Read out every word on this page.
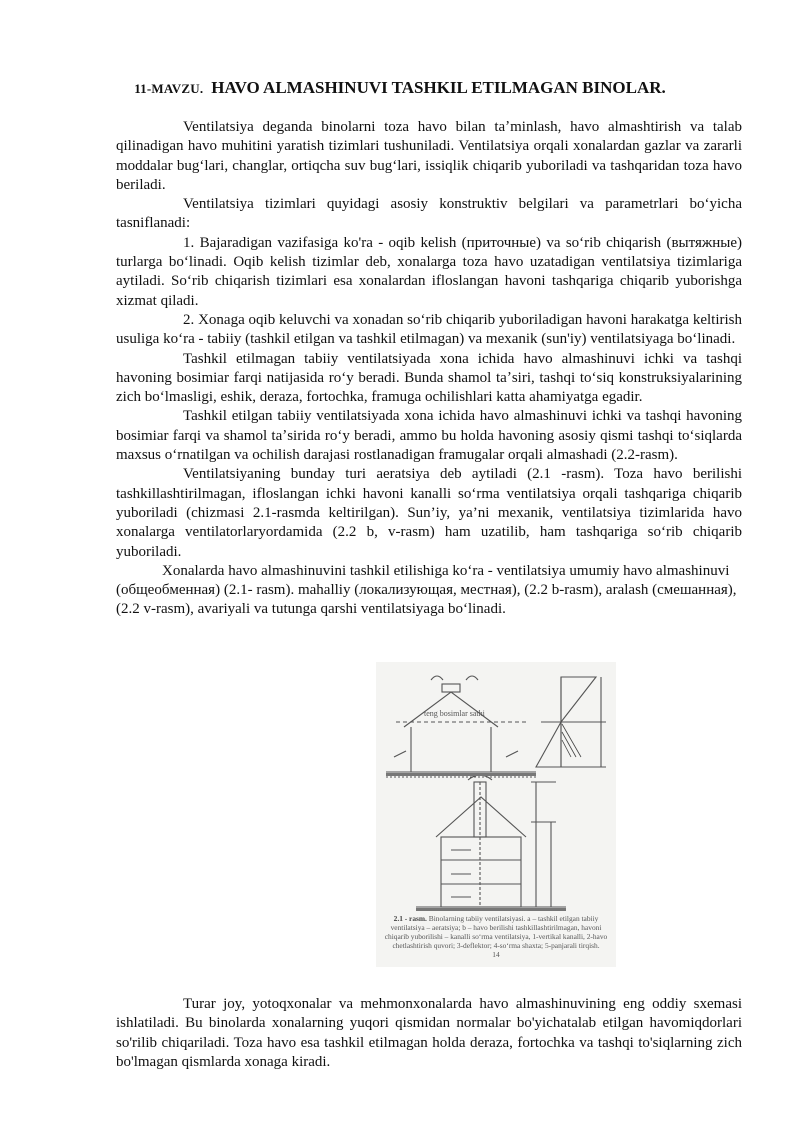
11-MAVZU. HAVO ALMASHINUVI TASHKIL ETILMAGAN BINOLAR.

Ventilatsiya deganda binolarni toza havo bilan taʼminlash, havo almashtirish va talab qilinadigan havo muhitini yaratish tizimlari tushuniladi. Ventilatsiya orqali xonalardan gazlar va zararli moddalar bugʻlari, changlar, ortiqcha suv bugʻlari, issiqlik chiqarib yuboriladi va tashqaridan toza havo beriladi.

Ventilatsiya tizimlari quyidagi asosiy konstruktiv belgilari va parametrlari boʻyicha tasniflanadi:

1. Bajaradigan vazifasiga ko'ra - oqib kelish (приточные) va soʻrib chiqarish (вытяжные) turlarga boʻlinadi. Oqib kelish tizimlar deb, xonalarga toza havo uzatadigan ventilatsiya tizimlariga aytiladi. Soʻrib chiqarish tizimlari esa xonalardan ifloslangan havoni tashqariga chiqarib yuborishga xizmat qiladi.

2. Xonaga oqib keluvchi va xonadan soʻrib chiqarib yuboriladigan havoni harakatga keltirish usuliga koʻra - tabiiy (tashkil etilgan va tashkil etilmagan) va mexanik (sun'iy) ventilatsiyaga boʻlinadi.

Tashkil etilmagan tabiiy ventilatsiyada xona ichida havo almashinuvi ichki va tashqi havoning bosimiar farqi natijasida roʻy beradi. Bunda shamol taʼsiri, tashqi toʻsiq konstruksiyalarining zich boʻlmasligi, eshik, deraza, fortochka, framuga ochilishlari katta ahamiyatga egadir.

Tashkil etilgan tabiiy ventilatsiyada xona ichida havo almashinuvi ichki va tashqi havoning bosimiar farqi va shamol taʼsirida roʻy beradi, ammo bu holda havoning asosiy qismi tashqi toʻsiqlarda maxsus oʻrnatilgan va ochilish darajasi rostlanadigan framugalar orqali almashadi (2.2-rasm).

Ventilatsiyaning bunday turi aeratsiya deb aytiladi (2.1 -rasm). Toza havo berilishi tashkillashtirilmagan, ifloslangan ichki havoni kanalli soʻrma ventilatsiya orqali tashqariga chiqarib yuboriladi (chizmasi 2.1-rasmda keltirilgan). Sun’iy, ya’ni mexanik, ventilatsiya tizimlarida havo xonalarga ventilatorlaryordamida (2.2 b, v-rasm) ham uzatilib, ham tashqariga soʻrib chiqarib yuboriladi.

Xonalarda havo almashinuvini tashkil etilishiga koʻra - ventilatsiya umumiy havo almashinuvi (общеобменная) (2.1- rasm). mahalliy (локализующая, местная), (2.2 b-rasm), aralash (смешанная), (2.2 v-rasm), avariyali va tutunga qarshi ventilatsiyaga boʻlinadi.

teng bosimlar sathi
2.1 - rasm. Binolarning tabiiy ventilatsiyasi. a – tashkil etilgan tabiiy ventilatsiya – aeratsiya; b – havo berilishi tashkillashtirilmagan, havoni chiqarib yuborilishi – kanalli soʻrma ventilatsiya, 1-vertikal kanalli, 2-havo chetlashtirish quvori; 3-deflektor; 4-soʻrma shaxta; 5-panjarali tirqish.
14

Turar joy, yotoqxonalar va mehmonxonalarda havo almashinuvining eng oddiy sxemasi ishlatiladi. Bu binolarda xonalarning yuqori qismidan normalar bo'yichatalab etilgan havomiqdorlari so'rilib chiqariladi. Toza havo esa tashkil etilmagan holda deraza, fortochka va tashqi to'siqlarning zich bo'lmagan qismlarda xonaga kiradi.
